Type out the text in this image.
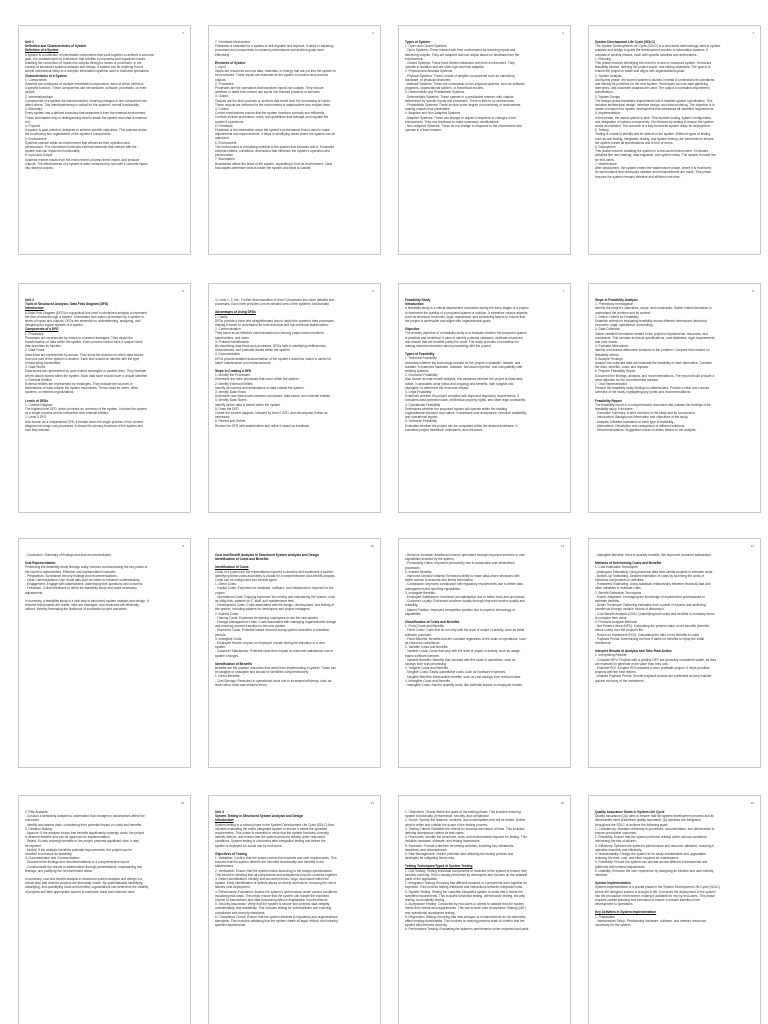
1
Unit 1
Definition and Characteristics of System
Definition of a System
A system is a collection of interrelated components that work together to achieve a common
goal. It is characterized by a structure that exhibits a purposeful and organized nature,
enabling the conversion of inputs into outputs through a series of processes. In the
context of structured systems analysis and design, a system can be anything from a
simple mechanical setup to a complex information systems used in business operations.
Characteristics of a System
1. Components
Systems are composed of multiple interrelated components, each of which performs
a specific function. These components can be hardware, software, processes, or even
people.
2. Interrelationships
Components of a system are interconnected, meaning changes in one component can
affect others. This interdependency is critical for the system's overall functionality.
3. Boundary
Every system has a defined boundary that separates it from the external environment.
These boundaries help in distinguishing what is inside the system and what is external
to it.
4. Purpose
A system is goal-oriented, designed to achieve specific objectives. This purpose drives
the functioning and organization of the system's components.
5. Environment
Systems operate within an environment that influences their operation and
performance. The environment includes external elements that interact with the
system and can impact its functionality.
6. Input and Output
Systems receive inputs from the environment, process these inputs, and produce
outputs. The effectiveness of a system is often measured by how well it converts inputs
into desired outputs.
2
7. Feedback Mechanism
Feedback is essential for a system to self-regulate and improve. It helps in adjusting
processes and components to enhance performance and achieve goals more
effectively.
Elements of System
1. Input
Inputs are resources such as data, materials, or energy that are put into the system to
be processed. These inputs are essential for the system to function and produce
outputs.
2. Processes
Processes are the operations that transform inputs into outputs. They include
activities or tasks that convert raw inputs into finished products or services.
3. Output
Outputs are the final products or services that result from the processing of inputs.
These outputs are delivered to the environment or stakeholders who require them.
4. Control
Control mechanisms ensure that the system functions correctly and efficiently.
Controls include procedures, rules, and guidelines that manage and regulate the
system's operations.
5. Feedback
Feedback is the information about the system's performance that is used to make
adjustments and improvements. It helps in identifying areas where the system can be
optimized.
6. Environment
The environment is everything external to the system that interacts with it. It includes
external entities, conditions, and factors that influence the system's operation and
performance.
7. Boundaries
Boundaries define the limits of the system, separating it from its environment. Clear
boundaries determine what is inside the system and what is outside.
3
Types of System
1. Open and Closed Systems
- Open Systems: These interact with their environment by receiving inputs and
delivering outputs. They are adaptive and can adjust based on feedback from the
environment.
- Closed Systems: These have limited interaction with their environment. They
operate in isolation and are often rigid and less adaptive.
2. Physical and Abstract Systems
- Physical Systems: These consist of tangible components such as machinery,
hardware, or physical structures.
- Abstract Systems: These are conceptual or non-physical systems, such as software
programs, organizational policies, or theoretical models.
3. Deterministic and Probabilistic Systems
- Deterministic Systems: These operate in a predictable manner, with outputs
determined by specific inputs and processes. There is little to no randomness.
- Probabilistic Systems: These involve some degree of uncertainty or randomness,
making outputs less predictable.
4. Adaptive and Non-Adaptive Systems
- Adaptive Systems: These can change or adjust in response to changes in the
environment. They use feedback to make necessary modifications.
- Non-Adaptive Systems: These do not change in response to the environment and
operate in a fixed manner.
4
System Development Life Cycle (SDLC)
The System Development Life Cycle (SDLC) is a structured methodology used in system
analysis and design to guide the development process of information systems. It
consists of several phases, each with specific activities and deliverables.
1. Planning
This phase involves identifying the need for a new or enhanced system. It includes
feasibility studies, defining the project scope, and setting objectives. The goal is to
ensure the project is viable and aligns with organizational goals.
2. System Analysis
During this phase, the current system is studied in detail to understand its operations
and identify its problems for the new system. Techniques such as data gathering,
interviews, and document analysis are used. The output is a detailed requirement
specification.
3. System Design
The design phase translates requirements into a detailed system specification. This
includes architectural design, interface design, and data modeling. The objective is to
create a blueprint for system development that addresses all identified requirements.
4. Implementation
In this phase, the actual system is built. This involves coding, system configuration,
and integration of various components. It is followed by testing to ensure the system
works as intended. The outcome is a fully functional system ready for deployment.
5. Testing
Testing is crucial to identify and fix defects in the system. Different types of testing,
such as unit testing, integration testing, and system testing, are performed to ensure
the system meets all specifications and is free of errors.
6. Deployment
This phase involves installing the system in a real-world environment. It includes
activities like user training, data migration, and system setup. The system is made live
for end-users.
7. Maintenance
After deployment, the system enters the maintenance phase, where it is monitored
for performance and necessary updates and enhancements are made. This phase
ensures the system remains effective and efficient over time.
5
Unit 2
Tools of Structured Analysis: Data Flow Diagram (DFD)
Introduction
A Data Flow Diagram (DFD) is a graphical tool used in structured analysis to represent
the flow of data through a system. It illustrates how data is processed by a system in
terms of inputs and outputs. DFDs are essential for understanding, analyzing, and
designing the logical aspects of a system.
Components of a DFD
1. Processes
Processes are represented by circles or rounded rectangles. They depict the
transformation of data within the system. Each process should have a unique name
that describes its function.
2. Data Flows
Data flows are represented by arrows. They show the direction in which data moves
from one part of the system to another. Each flow should be labeled with the type
of data being transmitted.
3. Data Stores
Data stores are represented by open-ended rectangles or parallel lines. They illustrate
where data is stored within the system. Each data store should have a unique identifier.
4. External Entities
External entities are represented by rectangles. They indicate the sources or
destinations of data outside the system boundaries. These could be users, other
systems, or external organizations.
Levels of DFDs
1. Context Diagram
The highest level DFD, which provides an overview of the system. It shows the system
as a single process and its interaction with external entities.
2. Level 0 DFD
Also known as a fundamental DFD, it breaks down the single process of the context
diagram into major sub-processes. It shows the primary functions of the system and
how they interact.
6
3. Level 1, 2, etc.: Further decomposition of level 0 processes into more detailed sub-
processes. Each level provides a more detailed view of the system's functionality.
Advantages of Using DFDs
1. Clarity
DFDs provide a clear and straightforward way to depict the system's data processes,
making it easier to understand for both technical and non-technical stakeholders.
2. Communication
They serve as an effective communication tool among project team members,
stakeholders, and users.
3. Problem Identification
By visualizing data flows and processes, DFDs help in identifying inefficiencies,
redundancies, and potential issues within the system.
4. Documentation
DFDs provide detailed documentation of the system's data flow, which is useful for
future maintenance and enhancements.
Steps in Creating a DFD
1. Identify the Processes
Determine the main processes that occur within the system.
2. Identify External Entities
Identify all sources and destinations of data outside the system.
3. Identify Data Flows
Determine how data moves between processes, data stores, and external entities.
4. Identify Data Stores
Identify where data is stored within the system.
5. Draw the DFD
Create the context diagram, followed by level 0 DFD, and decompose further as
necessary.
6. Review and Refine
Review the DFD with stakeholders and refine it based on feedback.
7
Feasibility Study
Introduction
A feasibility study is a critical assessment conducted during the early stages of a project
to determine the viability of a proposed system or solution. It examines various aspects
such as technical, economic, legal, operational, and scheduling factors to ensure that
the project is achievable and aligns with organizational goals.
Objective
The primary objective of a feasibility study is to evaluate whether the proposed system
is practical and beneficial. It aims to identify potential obstacles, estimate resources,
and ensure that the benefits justify the costs. The study provides a foundation for
making informed decisions about proceeding with the project.
Types of Feasibility
1. Technical Feasibility
Assesses whether the technology needed for the project is available, reliable, and
suitable. It examines hardware, software, technical expertise, and compatibility with
existing systems.
2. Economic Feasibility
Also known as cost-benefit analysis, this assesses whether the project is financially
viable. It calculates costs (initial and ongoing) and benefits, both tangible and
intangible, to determine the economic impact.
3. Legal Feasibility
Examines whether the project complies with legal and regulatory requirements. It
considers data protection laws, intellectual property rights, and other legal constraints.
4. Operational Feasibility
Determines whether the proposed system will operate within the existing
organizational structure and culture. It assesses user acceptance, resource availability,
and operational impact.
5. Schedule Feasibility
Evaluates whether the project can be completed within the desired timeframe. It
considers project deadlines, milestones, and resources.
8
Steps in Feasibility Analysis
1. Preliminary Investigation
Identify the project's objectives, scope, and constraints. Gather initial information to
understand the problem and its context.
2. Define Criteria for Feasibility
Establish criteria for evaluating feasibility across different dimensions (technical,
economic, legal, operational, scheduling).
3. Data Collection
Gather detailed information related to the project's requirements, resources, and
constraints. This includes technical specifications, cost estimates, legal requirements,
and user needs.
4. Evaluate Alternatives
Identify and assess alternative solutions to the problem. Compare them based on
feasibility criteria.
5. Analyze Findings
Analyze the collected data and evaluate the feasibility of each alternative. Consider
the risks, benefits, costs, and impacts.
6. Prepare Feasibility Report
Document the findings, analysis, and recommendations. The report should provide a
clear rationale for the recommended solution.
7. Oral Representation
Present the feasibility study findings to stakeholders. Provide a clear and concise
overview of the study, highlighting key points and recommendations.
Feasibility Report
The feasibility report is a comprehensive document that outlines the findings of the
feasibility study. It includes:
- Executive Summary: A brief overview of the study and its conclusions.
- Introduction: Background information and objectives of the study.
- Analysis: Detailed evaluation of each type of feasibility.
- Alternatives: Description and comparison of different solutions.
- Recommendations: Suggested course of action based on the analysis.
9
- Conclusion: Summary of findings and final recommendation.
Oral Representation
Presenting the feasibility study findings orally involves communicating the key points of
the report to stakeholders. Effective oral representation includes:
- Preparation: Summarize the key findings and recommendations.
- Clear Communication: Use visual aids such as slides to enhance understanding.
- Engagement: Engage with stakeholders, addressing their questions and concerns.
- Feedback: Collect feedback to refine the feasibility study and make necessary
adjustments.
In summary, a feasibility study is a vital step in structured system analysis and design. It
ensures that projects are viable, risks are managed, and resources are efficiently
utilized, thereby increasing the likelihood of successful project outcomes.
10
Cost and Benefit Analysis in Structured System Analysis and Design
Identification of Costs and Benefits
Identification of Costs
Costs in a project are the expenditures incurred to develop and implement a system.
Identifying these costs accurately is crucial for a comprehensive cost-benefit analysis.
Costs can be categorized into several types:
1. Direct Costs:
- Capital Costs: Expenses for hardware, software, and infrastructure required for the
project.
- Operational Costs: Ongoing expenses for running and maintaining the system, such
as utility bills, salaries for IT staff, and maintenance fees.
- Development Costs: Costs associated with the design, development, and testing of
the system, including salaries for developers and project managers.
2. Indirect Costs:
- Training Costs: Expenses for training employees to use the new system.
- Change Management Costs: Costs associated with managing organizational change
and ensuring smooth transition to the new system.
- Downtime Costs: Potential losses incurred during system downtime or transition
periods.
3. Intangible Costs:
- Employee Morale: Impact on employee morale during the transition to a new
system.
- Customer Satisfaction: Potential short-term impact on customer satisfaction due to
system changes.
Identification of Benefits
Benefits are the positive outcomes that result from implementing a system. These can
be tangible or intangible and should be identified comprehensively.
1. Direct Benefits:
- Cost Savings: Reduction in operational costs due to increased efficiency, such as
fewer labor costs and reduced errors.
11
- Revenue Increase: Additional revenue generated through improved services or new
capabilities enabled by the system.
- Productivity Gains: Improved productivity due to automation and streamlined
processes.
2. Indirect Benefits:
- Improved Decision Making: Enhanced ability to make data-driven decisions with
better access to accurate and timely information.
- Compliance: Improved compliance with regulatory requirements due to better data
management and reporting capabilities.
3. Intangible Benefits:
- Employee Satisfaction: Increased job satisfaction due to better tools and processes.
- Customer Loyalty: Enhanced customer loyalty through improved service quality and
reliability.
- Market Position: Improved competitive position due to superior technology or
capabilities.
Classification of Costs and Benefits
1. Fixed Costs and Benefits
- Fixed Costs: Costs that do not vary with the level of output or activity, such as initial
software purchase.
- Fixed Benefits: Benefits that are constant regardless of the scale of operations, such
as improved compliance.
2. Variable Costs and Benefits
- Variable Costs: Costs that vary with the level of output or activity, such as usage-
based software licenses.
- Variable Benefits: Benefits that increase with the scale of operations, such as
savings from bulk processing.
3. Tangible Costs and Benefits
- Tangible Costs: Easily quantifiable costs, such as hardware expenses.
- Tangible Benefits: Measurable benefits, such as cost savings from reduced labor.
4. Intangible Costs and Benefits
- Intangible Costs: Hard to quantify costs, like potential impact on employee morale.
12
- Intangible Benefits: Hard to quantify benefits, like improved customer satisfaction.
Methods of Determining Costs and Benefits
1. Cost Estimation Techniques
- Analogous Estimating: Using historical data from similar projects to estimate costs.
- Bottom-Up Estimating: Detailed estimation of costs by summing the costs of
individual components or activities.
- Parametric Estimating: Using statistical relationships between historical data and
other variables to estimate costs.
2. Benefit Estimation Techniques
- Expert Judgment: Leveraging the knowledge of experienced professionals to
estimate benefits.
- Delphi Technique: Gathering estimates from a panel of experts and achieving
consensus through multiple rounds of discussion.
- Cost-Benefit Analysis (CBA): Quantifying both costs and benefits in monetary terms
to compare their value.
3. Financial Analysis Methods
- Net Present Value (NPV): Calculating the present value of net benefits (benefits
minus costs) over the project's life.
- Return on Investment (ROI): Calculating the ratio of net benefits to costs.
- Payback Period: Determining the time it takes for benefits to repay the initial
investment.
Interpret Results of Analysis and Take Final Action
1. Interpreting Results:
- Compare NPV: Projects with a positive NPV are generally considered viable, as they
are expected to generate more value than they cost.
- Evaluate ROI: A higher ROI indicates a more profitable project. It helps prioritize
projects with the best returns.
- Analyze Payback Period: Shorter payback periods are preferable as they indicate
quicker recovery of the investment.
13
2. Risk Analysis:
- Conduct a sensitivity analysis to understand how changes in assumptions affect the
outcomes.
- Identify and assess risks, considering their potential impact on costs and benefits.
3. Decision Making:
- Approve: If the analysis shows that benefits significantly outweigh costs, the project
is deemed feasible and can be approved for implementation.
- Reject: If costs outweigh benefits or the project presents significant risks, it may
be rejected.
- Modify: If the analysis identifies potential improvements, the project can be
modified to enhance its feasibility.
4. Documentation and Communication:
- Document the findings and recommendations in a comprehensive report.
- Communicate the results to stakeholders through presentations, emphasizing key
findings, and justifying the recommended action.
In summary, cost and benefit analysis in structured system analysis and design is a
critical step that ensures projects are financially viable. By systematically identifying,
classifying, and quantifying costs and benefits, organizations can determine the viability
of projects and take appropriate actions to maximize value and minimize risks.
14
Unit 4
System Testing in Structured System Analysis and Design
Introduction
System testing is a critical phase in the System Development Life Cycle (SDLC) that
involves evaluating the entire integrated system to ensure it meets the specified
requirements. This phase is essential to verify that the system functions correctly,
identify defects, and ensure that the system performs reliably under real-world
conditions. System testing is conducted after integration testing and before the
system is deployed for actual use by end-users.
Objectives of Testing
1. Validation: Confirm that the system meets the business and user requirements. This
ensures that the system delivers the intended functionality and benefits to the
stakeholders.
2. Verification: Ensure that the system works according to the design specifications.
This involves checking that all components and subsystems function correctly together.
3. Defect Identification: Identify and document errors, bugs, and issues within the
system. Early identification of defects allows for timely corrections, reducing the risk of
failures post-deployment.
4. Performance Evaluation: Assess the system's performance under various conditions,
including peak loads. This helps ensure that the system can handle the expected
volume of transactions and data processing without degradation in performance.
5. Security Assurance: Verify that the system is secure and protects data integrity,
confidentiality, and availability. This includes testing for vulnerabilities and ensuring
compliance with security standards.
6. Compliance Check: Ensure that the system adheres to regulatory and organizational
standards. This includes validating that the system meets all legal, ethical, and industry-
specific requirements.
15
1. Objectives: Clearly define the goals of the testing phase. This includes ensuring
system functionality, performance, security, and compliance.
2. Scope: Specify the features, modules, and functionalities that will be tested. Define
what is within and outside the scope of the testing process.
3. Testing Criteria: Establish the criteria for success and failure of tests. This includes
defining acceptance criteria for test cases.
4. Resources: Identify the personnel, tools, and environments required for testing. This
includes hardware, software, and testing frameworks.
5. Schedule: Provide a timeline for testing activities, including key milestones,
deadlines, and dependencies.
6. Risk Management: Outline potential risks affecting the testing process and
strategies for mitigating these risks.
Testing Techniques/Types of System Testing
1. Unit Testing: Testing individual components or modules of the system to ensure they
function correctly. This is usually performed by developers and focuses on the smallest
parts of the application.
2. Integration Testing: Ensuring that different modules or components work together as
expected. This involves testing interfaces and interactions between integrated units.
3. System Testing: Testing the complete integrated system to verify that it meets the
specified requirements. This includes functional testing, performance testing, security
testing, and usability testing.
4. Acceptance Testing: Conducted by end-users or clients to validate that the system
meets their needs and requirements. This can include User Acceptance Testing (UAT)
and operational acceptance testing.
5. Regression Testing: Ensuring that new changes or enhancements do not adversely
affect existing functionality. This involves re-running previous tests to confirm that the
system still performs correctly.
6. Performance Testing: Evaluating the system's performance under expected and peak
16
Quality Assurance Goals in System Life Cycle
Quality assurance (QA) aims to ensure that the system development process and its
deliverables meet predefined quality standards. QA activities are integrated
throughout the SDLC to achieve the following goals:
1. Consistency: Maintain uniformity in processes, documentation, and deliverables to
ensure predictable outcomes.
2. Reliability: Ensure that the system performs reliably under various conditions,
minimizing the risk of failures.
3. Efficiency: Optimize the system's performance and resource utilization, ensuring it
operates smoothly and efficiently.
4. Maintainability: Design the system to be easily maintainable and upgradable,
reducing the time, cost, and effort required for maintenance.
5. Portability: Ensure the system can operate across different environments and
platforms with minimal adjustments.
6. Usability: Enhance the user experience by designing an intuitive and user-friendly
interface.
System Implementation
System implementation is a pivotal phase in the System Development Life Cycle (SDLC)
where the designed system is brought to life. It involves the deployment of the system
into the production environment, making it available for use by end-users. This phase
requires careful planning and execution to ensure a smooth transition from
development to operations.
Key Activities in System Implementation
1. Preparation
- Infrastructure Setup: Provisioning hardware, software, and network resources
necessary for the system.
